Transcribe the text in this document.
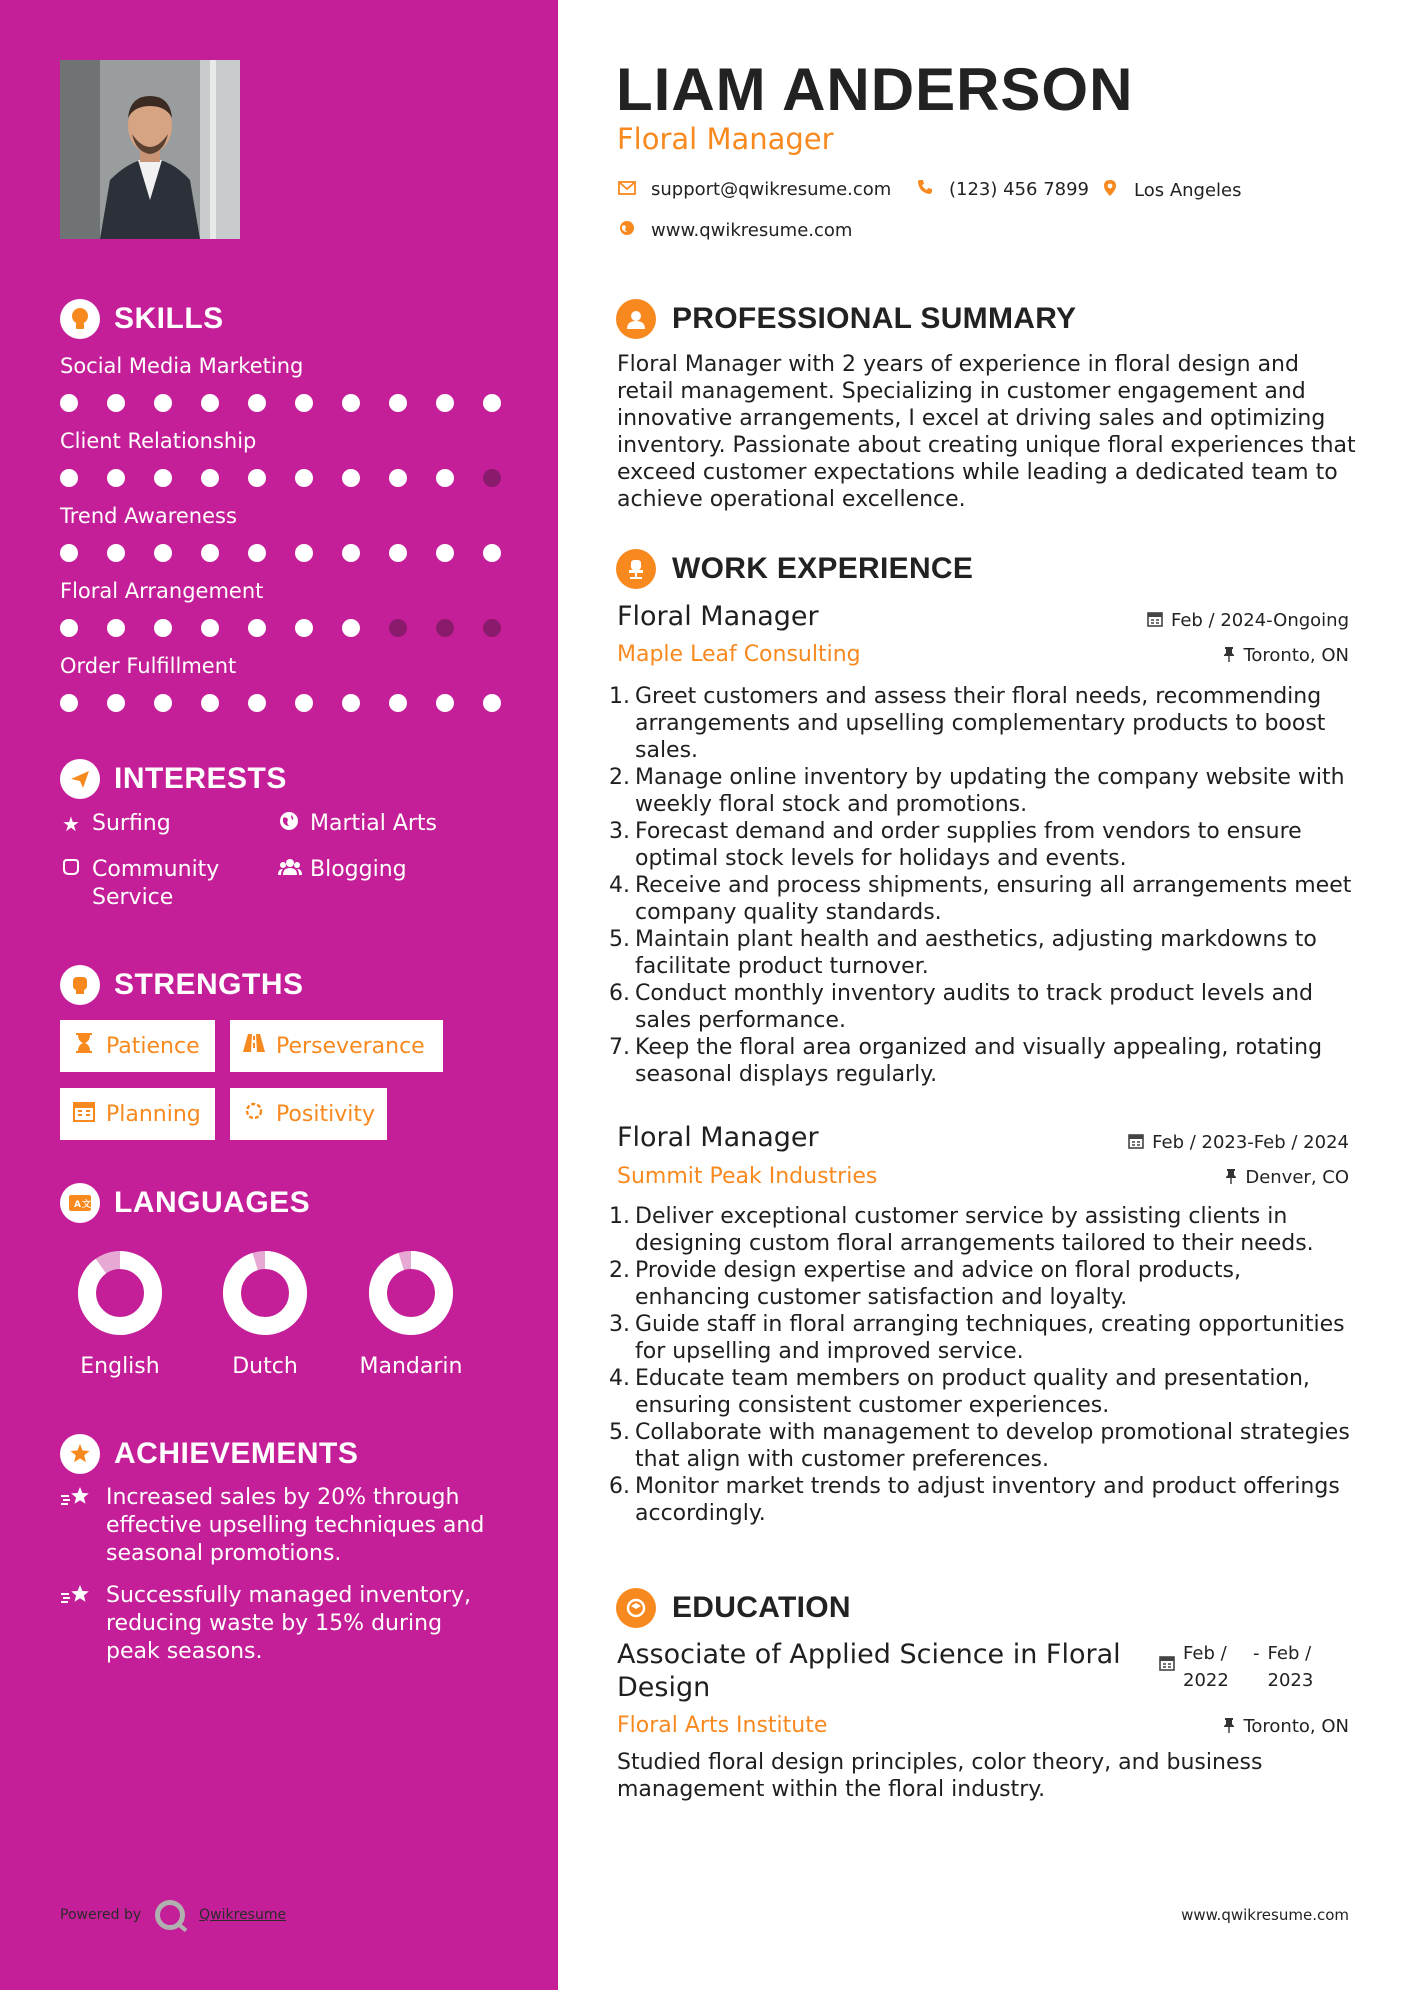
SKILLS
Social Media Marketing
Client Relationship
Trend Awareness
Floral Arrangement
Order Fulfillment
INTERESTS
★ Surfing	Martial Arts
Community Service
Blogging
STRENGTHS
Patience	Perseverance
Planning	Positivity
A 文 LANGUAGES
English	Dutch	Mandarin
ACHIEVEMENTS
Increased sales by 20% through effective upselling techniques and seasonal promotions.
Successfully managed inventory, reducing waste by 15% during peak seasons.
Powered by	Qwikresume
LIAM ANDERSON
Floral Manager
support@qwikresume.com	(123) 456 7899 Los Angeles
www.qwikresume.com
PROFESSIONAL SUMMARY

Floral Manager with 2 years of experience in floral design and retail management. Specializing in customer engagement and innovative arrangements, I excel at driving sales and optimizing inventory. Passionate about creating unique floral experiences that exceed customer expectations while leading a dedicated team to achieve operational excellence.

WORK EXPERIENCE
Floral Manager	Feb / 2024-Ongoing
Maple Leaf Consulting	Toronto, ON
1. Greet customers and assess their floral needs, recommending arrangements and upselling complementary products to boost sales.
2. Manage online inventory by updating the company website with weekly floral stock and promotions.
3. Forecast demand and order supplies from vendors to ensure optimal stock levels for holidays and events.
4. Receive and process shipments, ensuring all arrangements meet company quality standards.
5. Maintain plant health and aesthetics, adjusting markdowns to facilitate product turnover.
6. Conduct monthly inventory audits to track product levels and sales performance.
7. Keep the floral area organized and visually appealing, rotating seasonal displays regularly.
Floral Manager	Feb / 2023-Feb / 2024
Summit Peak Industries	Denver, CO
1. Deliver exceptional customer service by assisting clients in designing custom floral arrangements tailored to their needs.
2. Provide design expertise and advice on floral products, enhancing customer satisfaction and loyalty.
3. Guide staff in floral arranging techniques, creating opportunities for upselling and improved service.
4. Educate team members on product quality and presentation, ensuring consistent customer experiences.
5. Collaborate with management to develop promotional strategies that align with customer preferences.
6. Monitor market trends to adjust inventory and product offerings accordingly.
EDUCATION
Associate of Applied Science in Floral Design
Feb / 2022
- Feb / 2023
Floral Arts Institute	Toronto, ON

Studied floral design principles, color theory, and business management within the floral industry.

www.qwikresume.com
